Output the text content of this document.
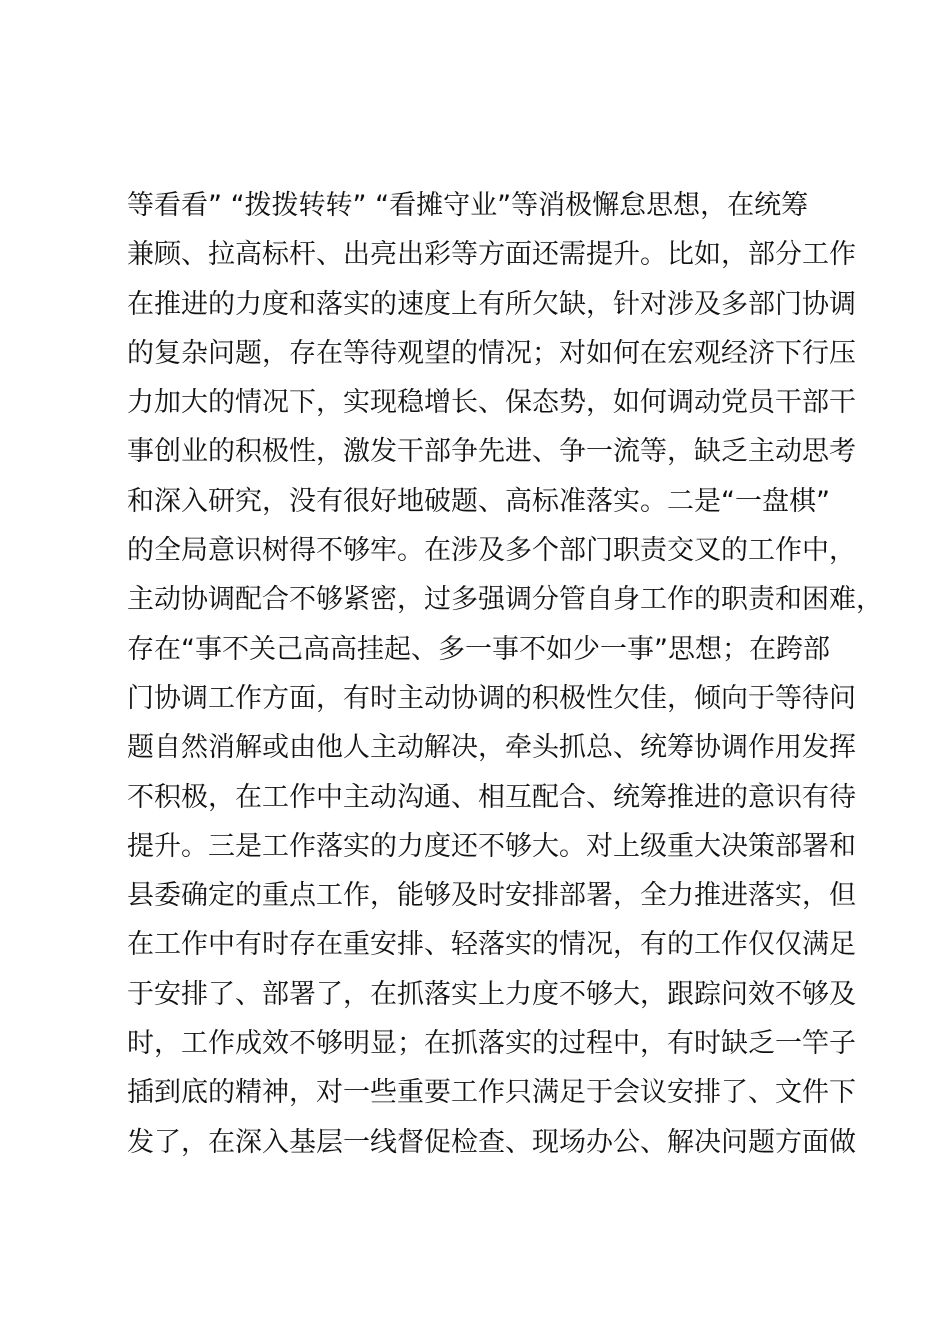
等看看” “拨拨转转” “看摊守业”等消极懈怠思想，在统筹
兼顾、拉高标杆、出亮出彩等方面还需提升。比如，部分工作
在推进的力度和落实的速度上有所欠缺，针对涉及多部门协调
的复杂问题，存在等待观望的情况；对如何在宏观经济下行压
力加大的情况下，实现稳增长、保态势，如何调动党员干部干
事创业的积极性，激发干部争先进、争一流等，缺乏主动思考
和深入研究，没有很好地破题、高标准落实。二是“一盘棋”
的全局意识树得不够牢。在涉及多个部门职责交叉的工作中，
主动协调配合不够紧密，过多强调分管自身工作的职责和困难，
存在“事不关己高高挂起、多一事不如少一事”思想；在跨部
门协调工作方面，有时主动协调的积极性欠佳，倾向于等待问
题自然消解或由他人主动解决，牵头抓总、统筹协调作用发挥
不积极，在工作中主动沟通、相互配合、统筹推进的意识有待
提升。三是工作落实的力度还不够大。对上级重大决策部署和
县委确定的重点工作，能够及时安排部署，全力推进落实，但
在工作中有时存在重安排、轻落实的情况，有的工作仅仅满足
于安排了、部署了，在抓落实上力度不够大，跟踪问效不够及
时，工作成效不够明显；在抓落实的过程中，有时缺乏一竿子
插到底的精神，对一些重要工作只满足于会议安排了、文件下
发了，在深入基层一线督促检查、现场办公、解决问题方面做
